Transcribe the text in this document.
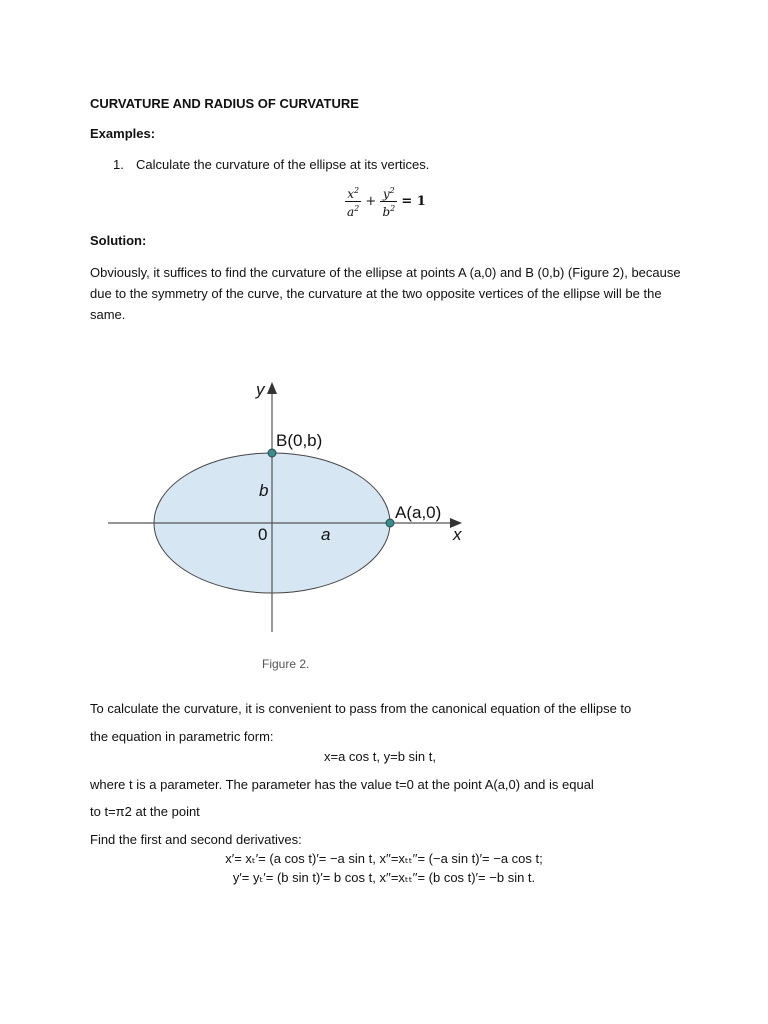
CURVATURE AND RADIUS OF CURVATURE
Examples:
1. Calculate the curvature of the ellipse at its vertices.
$\frac{x^2}{a^2} + \frac{y^2}{b^2} = 1$
Solution:
Obviously, it suffices to find the curvature of the ellipse at points A (a,0) and B (0,b) (Figure 2), because due to the symmetry of the curve, the curvature at the two opposite vertices of the ellipse will be the same.
y
x
B(0,b)
A(a,0)
b
a
0
Figure 2.
To calculate the curvature, it is convenient to pass from the canonical equation of the ellipse to
the equation in parametric form:
x=a cos t, y=b sin t,
where t is a parameter. The parameter has the value t=0 at the point A(a,0) and is equal
to t=π2 at the point
Find the first and second derivatives:
x′= xₜ′= (a cos t)′= −a sin t, x′′=xₜₜ′′= (−a sin t)′= −a cos t;
y′= yₜ′= (b sin t)′= b cos t, x′′=xₜₜ′′= (b cos t)′= −b sin t.
